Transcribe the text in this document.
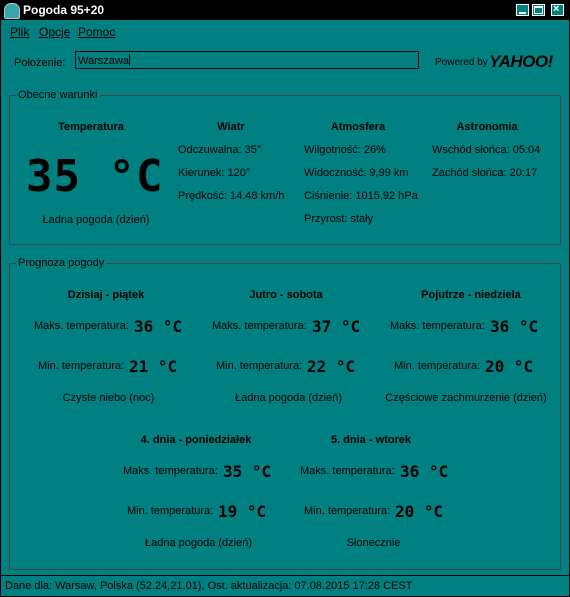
Pogoda 95+20	×
Plik Opcje Pomoc
Położenie: Warszawa	Powered by YAHOO!
Obecne warunki
Temperatura
35 °C
Ładna pogoda (dzień)
Wiatr
Odczuwalna: 35°
Kierunek: 120°
Prędkość: 14.48 km/h
Atmosfera
Wilgotność: 26%
Widoczność: 9,99 km
Ciśnienie: 1015,92 hPa
Przyrost: stały
Astronomia
Wschód słońca: 05:04
Zachód słońca: 20:17
Prognoza pogody
Dzisiaj - piątek
Maks. temperatura: 36 °C
Min. temperatura: 21 °C
Czyste niebo (noc)
Jutro - sobota
Maks. temperatura: 37 °C
Min. temperatura: 22 °C
Ładna pogoda (dzień)
Pojutrze - niedziela
Maks. temperatura: 36 °C
Min. temperatura: 20 °C
Częściowe zachmurzenie (dzień)
4. dnia - poniedziałek
Maks. temperatura: 35 °C
Min. temperatura: 19 °C
Ładna pogoda (dzień)
5. dnia - wtorek
Maks. temperatura: 36 °C
Min. temperatura: 20 °C
Słonecznie
Dane dla: Warsaw, Polska (52.24,21.01), Ost. aktualizacja: 07.08.2015 17:28 CEST
